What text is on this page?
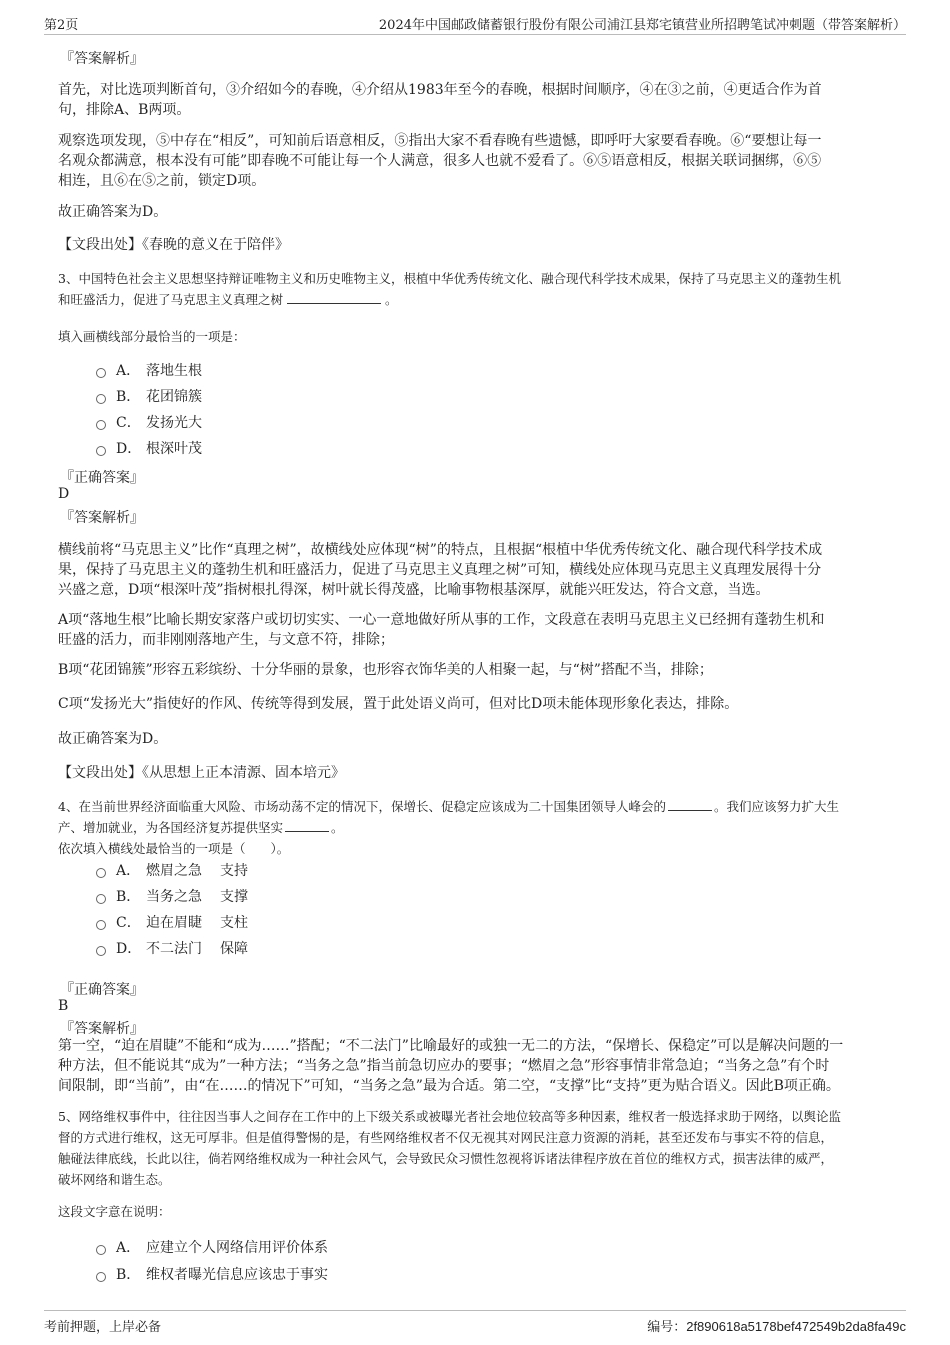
第2页	2024年中国邮政储蓄银行股份有限公司浦江县郑宅镇营业所招聘笔试冲刺题（带答案解析）
『答案解析』
首先，对比选项判断首句，③介绍如今的春晚，④介绍从1983年至今的春晚，根据时间顺序，④在③之前，④更适合作为首
句，排除A、B两项。
观察选项发现，⑤中存在“相反”，可知前后语意相反，⑤指出大家不看春晚有些遗憾，即呼吁大家要看春晚。⑥“要想让每一
名观众都满意，根本没有可能”即春晚不可能让每一个人满意，很多人也就不爱看了。⑥⑤语意相反，根据关联词捆绑，⑥⑤
相连，且⑥在⑤之前，锁定D项。
故正确答案为D。
【文段出处】《春晚的意义在于陪伴》
3、中国特色社会主义思想坚持辩证唯物主义和历史唯物主义，根植中华优秀传统文化、融合现代科学技术成果，保持了马克思主义的蓬勃生机
和旺盛活力，促进了马克思主义真理之树	。
填入画横线部分最恰当的一项是：
A． 落地生根
B． 花团锦簇
C． 发扬光大
D． 根深叶茂
『正确答案』
D
『答案解析』
横线前将“马克思主义”比作“真理之树”，故横线处应体现“树”的特点，且根据“根植中华优秀传统文化、融合现代科学技术成
果，保持了马克思主义的蓬勃生机和旺盛活力，促进了马克思主义真理之树”可知，横线处应体现马克思主义真理发展得十分
兴盛之意，D项“根深叶茂”指树根扎得深，树叶就长得茂盛，比喻事物根基深厚，就能兴旺发达，符合文意，当选。
A项“落地生根”比喻长期安家落户或切切实实、一心一意地做好所从事的工作，文段意在表明马克思主义已经拥有蓬勃生机和
旺盛的活力，而非刚刚落地产生，与文意不符，排除；
B项“花团锦簇”形容五彩缤纷、十分华丽的景象，也形容衣饰华美的人相聚一起，与“树”搭配不当，排除；
C项“发扬光大”指使好的作风、传统等得到发展，置于此处语义尚可，但对比D项未能体现形象化表达，排除。
故正确答案为D。
【文段出处】《从思想上正本清源、固本培元》
4、在当前世界经济面临重大风险、市场动荡不定的情况下，保增长、促稳定应该成为二十国集团领导人峰会的	。我们应该努力扩大生
产、增加就业，为各国经济复苏提供坚实	。
依次填入横线处最恰当的一项是（　　）。
A． 燃眉之急 支持
B． 当务之急 支撑
C． 迫在眉睫 支柱
D． 不二法门 保障
『正确答案』
B
『答案解析』
第一空，“迫在眉睫”不能和“成为……”搭配；“不二法门”比喻最好的或独一无二的方法，“保增长、保稳定”可以是解决问题的一
种方法，但不能说其“成为”一种方法；“当务之急”指当前急切应办的要事；“燃眉之急”形容事情非常急迫；“当务之急”有个时
间限制，即“当前”，由“在……的情况下”可知，“当务之急”最为合适。第二空，“支撑”比“支持”更为贴合语义。因此B项正确。
5、网络维权事件中，往往因当事人之间存在工作中的上下级关系或被曝光者社会地位较高等多种因素，维权者一般选择求助于网络，以舆论监
督的方式进行维权，这无可厚非。但是值得警惕的是，有些网络维权者不仅无视其对网民注意力资源的消耗，甚至还发布与事实不符的信息，
触碰法律底线，长此以往，倘若网络维权成为一种社会风气，会导致民众习惯性忽视将诉诸法律程序放在首位的维权方式，损害法律的威严，
破坏网络和谐生态。
这段文字意在说明：
A． 应建立个人网络信用评价体系
B． 维权者曝光信息应该忠于事实
考前押题，上岸必备	编号：2f890618a5178bef472549b2da8fa49c
